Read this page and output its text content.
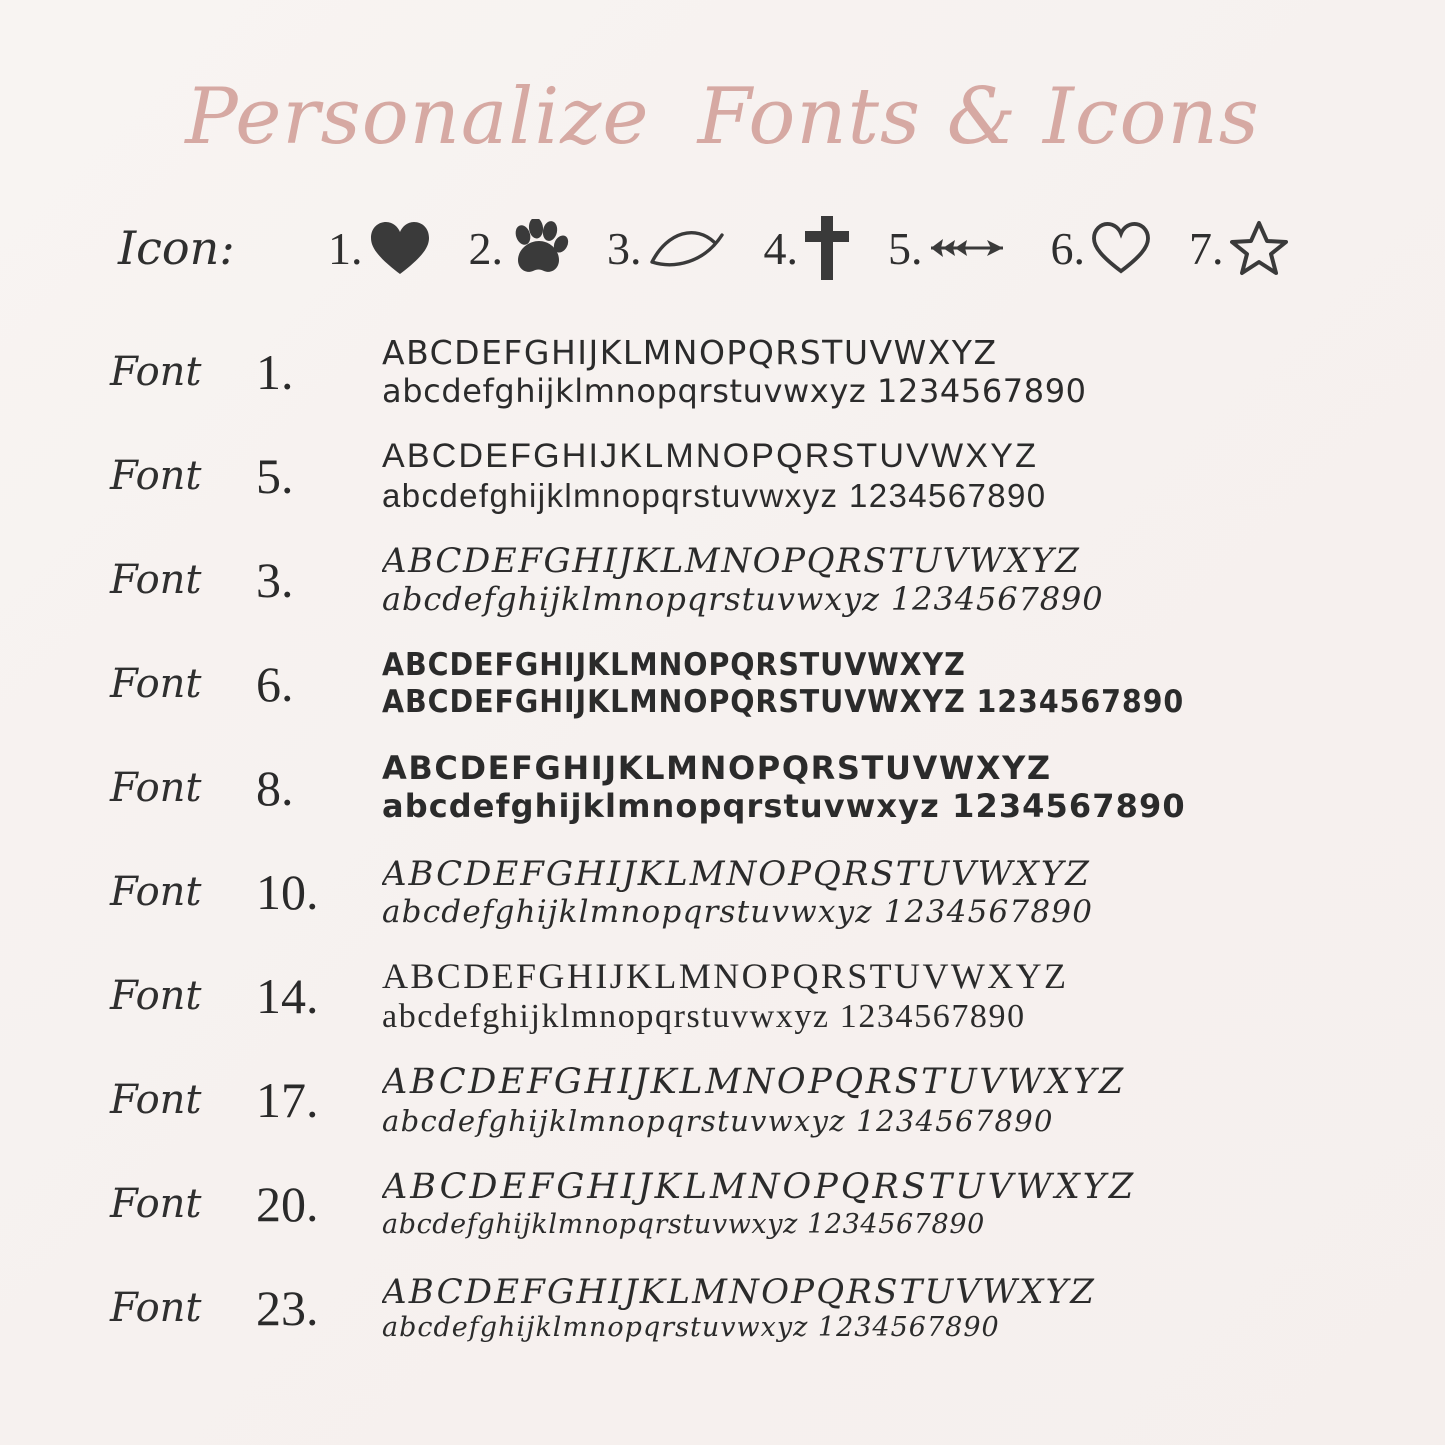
Personalize Fonts & Icons
Icon:	1. 2. 3.	4. 5.	6. 7.
Font	1.	ABCDEFGHIJKLMNOPQRSTUVWXYZ
abcdefghijklmnopqrstuvwxyz 1234567890
Font	5.	ABCDEFGHIJKLMNOPQRSTUVWXYZ
abcdefghijklmnopqrstuvwxyz 1234567890
Font	3.	ABCDEFGHIJKLMNOPQRSTUVWXYZ
abcdefghijklmnopqrstuvwxyz 1234567890
Font	6.	ABCDEFGHIJKLMNOPQRSTUVWXYZ
ABCDEFGHIJKLMNOPQRSTUVWXYZ 1234567890
Font	8.	ABCDEFGHIJKLMNOPQRSTUVWXYZ
abcdefghijklmnopqrstuvwxyz 1234567890
Font	10.	ABCDEFGHIJKLMNOPQRSTUVWXYZ
abcdefghijklmnopqrstuvwxyz 1234567890
Font	14.	ABCDEFGHIJKLMNOPQRSTUVWXYZ
abcdefghijklmnopqrstuvwxyz 1234567890
Font	17.	ABCDEFGHIJKLMNOPQRSTUVWXYZ
abcdefghijklmnopqrstuvwxyz 1234567890
Font	20.	ABCDEFGHIJKLMNOPQRSTUVWXYZ
abcdefghijklmnopqrstuvwxyz 1234567890
Font	23.	ABCDEFGHIJKLMNOPQRSTUVWXYZ
abcdefghijklmnopqrstuvwxyz 1234567890
